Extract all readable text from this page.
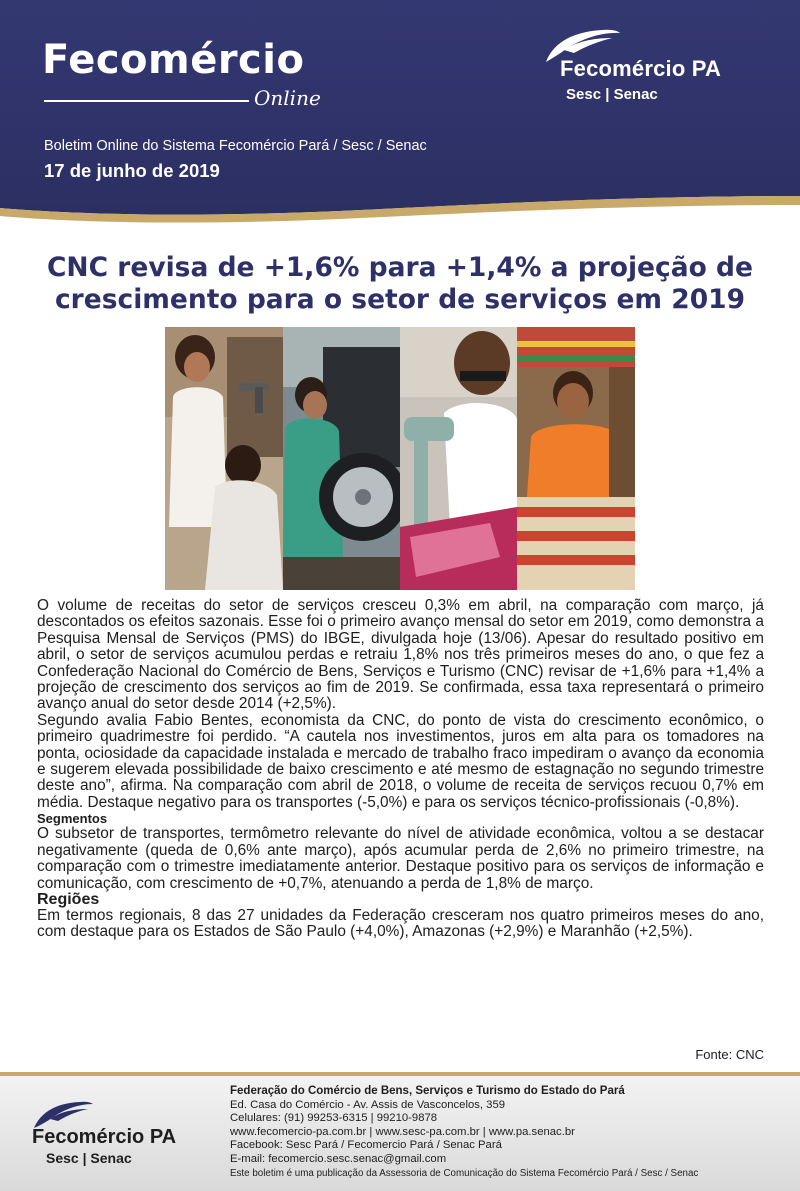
Fecomércio
Online
Boletim Online do Sistema Fecomércio Pará / Sesc / Senac
17 de junho de 2019
Fecomércio PA
Sesc | Senac
CNC revisa de +1,6% para +1,4% a projeção de
crescimento para o setor de serviços em 2019

O volume de receitas do setor de serviços cresceu 0,3% em abril, na comparação com março, já descontados os efeitos sazonais. Esse foi o primeiro avanço mensal do setor em 2019, como demonstra a Pesquisa Mensal de Serviços (PMS) do IBGE, divulgada hoje (13/06). Apesar do resultado positivo em abril, o setor de serviços acumulou perdas e retraiu 1,8% nos três primeiros meses do ano, o que fez a Confederação Nacional do Comércio de Bens, Serviços e Turismo (CNC) revisar de +1,6% para +1,4% a projeção de crescimento dos serviços ao fim de 2019. Se confirmada, essa taxa representará o primeiro avanço anual do setor desde 2014 (+2,5%).

Segundo avalia Fabio Bentes, economista da CNC, do ponto de vista do crescimento econômico, o primeiro quadrimestre foi perdido. “A cautela nos investimentos, juros em alta para os tomadores na ponta, ociosidade da capacidade instalada e mercado de trabalho fraco impediram o avanço da economia e sugerem elevada possibilidade de baixo crescimento e até mesmo de estagnação no segundo trimestre deste ano”, afirma. Na comparação com abril de 2018, o volume de receita de serviços recuou 0,7% em média. Destaque negativo para os transportes (-5,0%) e para os serviços técnico-profissionais (-0,8%).

Segmentos

O subsetor de transportes, termômetro relevante do nível de atividade econômica, voltou a se destacar negativamente (queda de 0,6% ante março), após acumular perda de 2,6% no primeiro trimestre, na comparação com o trimestre imediatamente anterior. Destaque positivo para os serviços de informação e comunicação, com crescimento de +0,7%, atenuando a perda de 1,8% de março.

Regiões

Em termos regionais, 8 das 27 unidades da Federação cresceram nos quatro primeiros meses do ano, com destaque para os Estados de São Paulo (+4,0%), Amazonas (+2,9%) e Maranhão (+2,5%).

Fonte: CNC
Fecomércio PA
Sesc | Senac
Federação do Comércio de Bens, Serviços e Turismo do Estado do Pará
Ed. Casa do Comércio - Av. Assis de Vasconcelos, 359
Celulares: (91) 99253-6315 | 99210-9878
www.fecomercio-pa.com.br | www.sesc-pa.com.br | www.pa.senac.br
Facebook: Sesc Pará / Fecomercio Pará / Senac Pará
E-mail: fecomercio.sesc.senac@gmail.com
Este boletim é uma publicação da Assessoria de Comunicação do Sistema Fecomércio Pará / Sesc / Senac
